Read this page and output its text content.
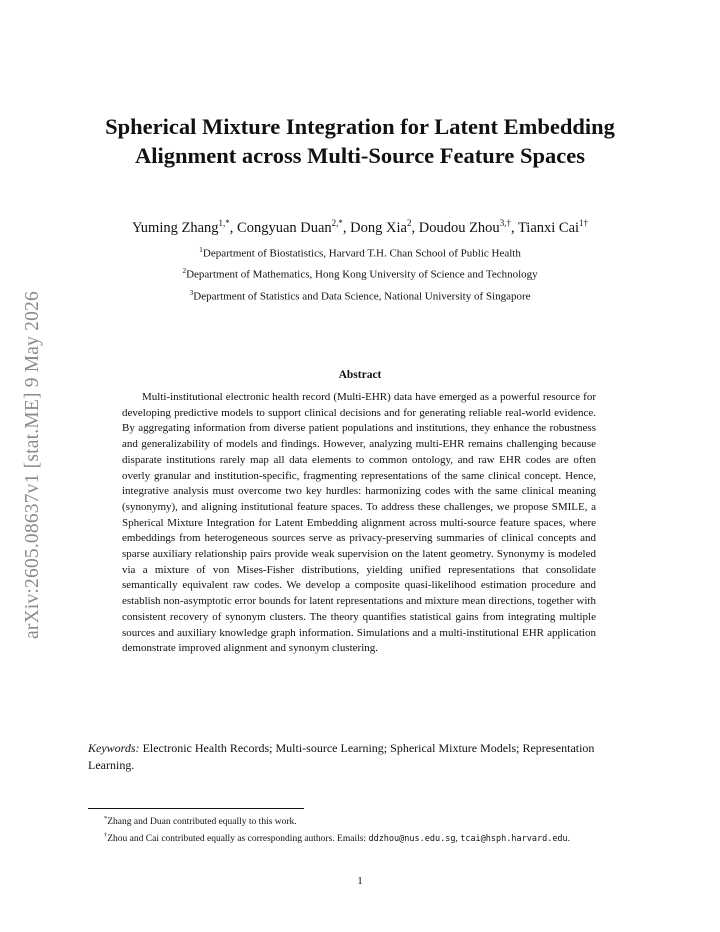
arXiv:2605.08637v1 [stat.ME] 9 May 2026
Spherical Mixture Integration for Latent Embedding Alignment across Multi-Source Feature Spaces
Yuming Zhang$^{1,*}$, Congyuan Duan$^{2,*}$, Dong Xia$^2$, Doudou Zhou$^{3,\dagger}$, Tianxi Cai$^{1\dagger}$
$^1$Department of Biostatistics, Harvard T.H. Chan School of Public Health
$^2$Department of Mathematics, Hong Kong University of Science and Technology
$^3$Department of Statistics and Data Science, National University of Singapore
Abstract
Multi-institutional electronic health record (Multi-EHR) data have emerged as a powerful resource for developing predictive models to support clinical decisions and for generating reliable real-world evidence. By aggregating information from diverse patient populations and institutions, they enhance the robustness and generalizability of models and findings. However, analyzing multi-EHR remains challenging because disparate institutions rarely map all data elements to common ontology, and raw EHR codes are often overly granular and institution-specific, fragmenting representations of the same clinical concept. Hence, integrative analysis must overcome two key hurdles: harmonizing codes with the same clinical meaning (synonymy), and aligning institutional feature spaces. To address these challenges, we propose SMILE, a Spherical Mixture Integration for Latent Embedding alignment across multi-source feature spaces, where embeddings from heterogeneous sources serve as privacy-preserving summaries of clinical concepts and sparse auxiliary relationship pairs provide weak supervision on the latent geometry. Synonymy is modeled via a mixture of von Mises-Fisher distributions, yielding unified representations that consolidate semantically equivalent raw codes. We develop a composite quasi-likelihood estimation procedure and establish non-asymptotic error bounds for latent representations and mixture mean directions, together with consistent recovery of synonym clusters. The theory quantifies statistical gains from integrating multiple sources and auxiliary knowledge graph information. Simulations and a multi-institutional EHR application demonstrate improved alignment and synonym clustering.
Keywords: Electronic Health Records; Multi-source Learning; Spherical Mixture Models; Representation Learning.

*Zhang and Duan contributed equally to this work.

†Zhou and Cai contributed equally as corresponding authors. Emails: ddzhou@nus.edu.sg, tcai@hsph.harvard.edu.

1
